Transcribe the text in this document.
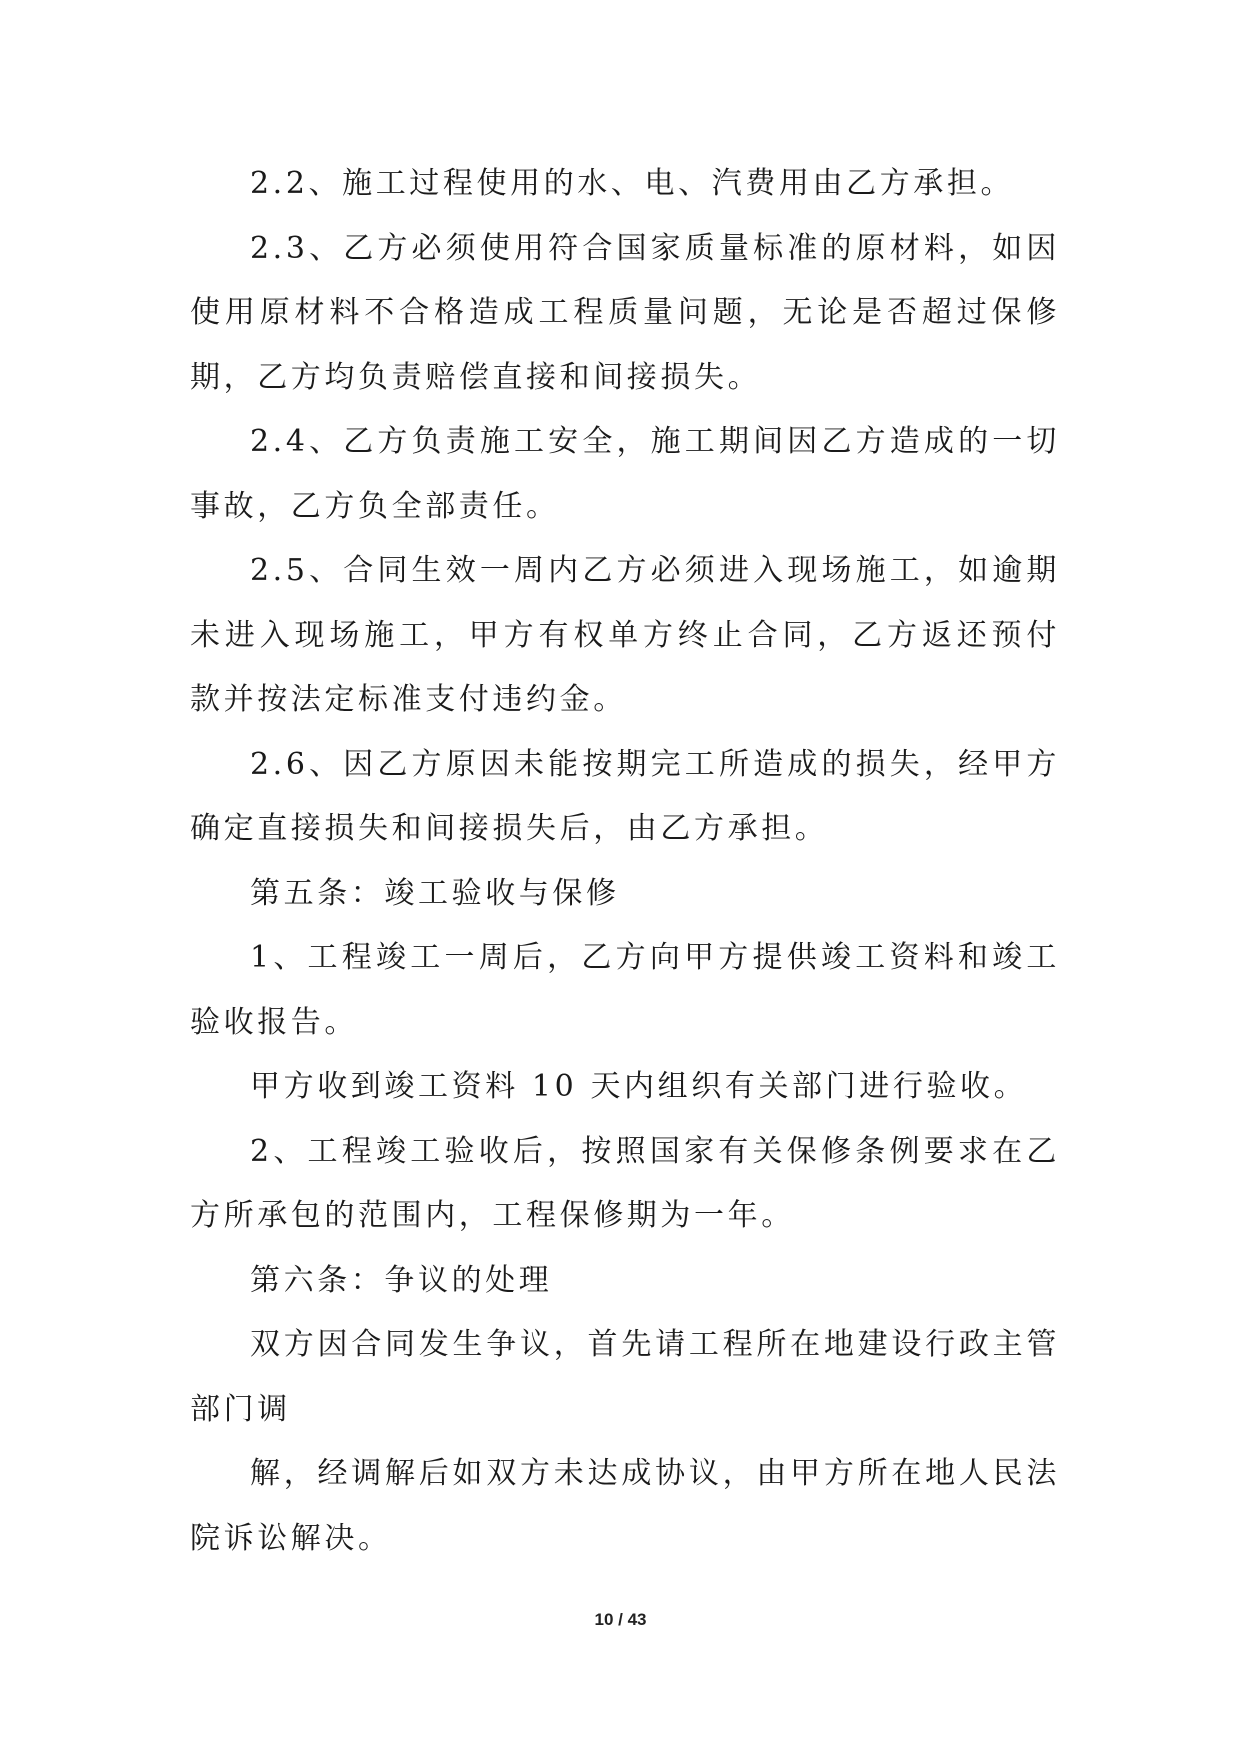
2.2、施工过程使用的水、电、汽费用由乙方承担。

2.3、乙方必须使用符合国家质量标准的原材料，如因使用原材料不合格造成工程质量问题，无论是否超过保修期，乙方均负责赔偿直接和间接损失。

2.4、乙方负责施工安全，施工期间因乙方造成的一切事故，乙方负全部责任。

2.5、合同生效一周内乙方必须进入现场施工，如逾期未进入现场施工，甲方有权单方终止合同，乙方返还预付款并按法定标准支付违约金。

2.6、因乙方原因未能按期完工所造成的损失，经甲方确定直接损失和间接损失后，由乙方承担。

第五条：竣工验收与保修

1、工程竣工一周后，乙方向甲方提供竣工资料和竣工验收报告。

甲方收到竣工资料 10 天内组织有关部门进行验收。

2、工程竣工验收后，按照国家有关保修条例要求在乙方所承包的范围内，工程保修期为一年。

第六条：争议的处理

双方因合同发生争议，首先请工程所在地建设行政主管部门调

解，经调解后如双方未达成协议，由甲方所在地人民法院诉讼解决。

10 / 43
